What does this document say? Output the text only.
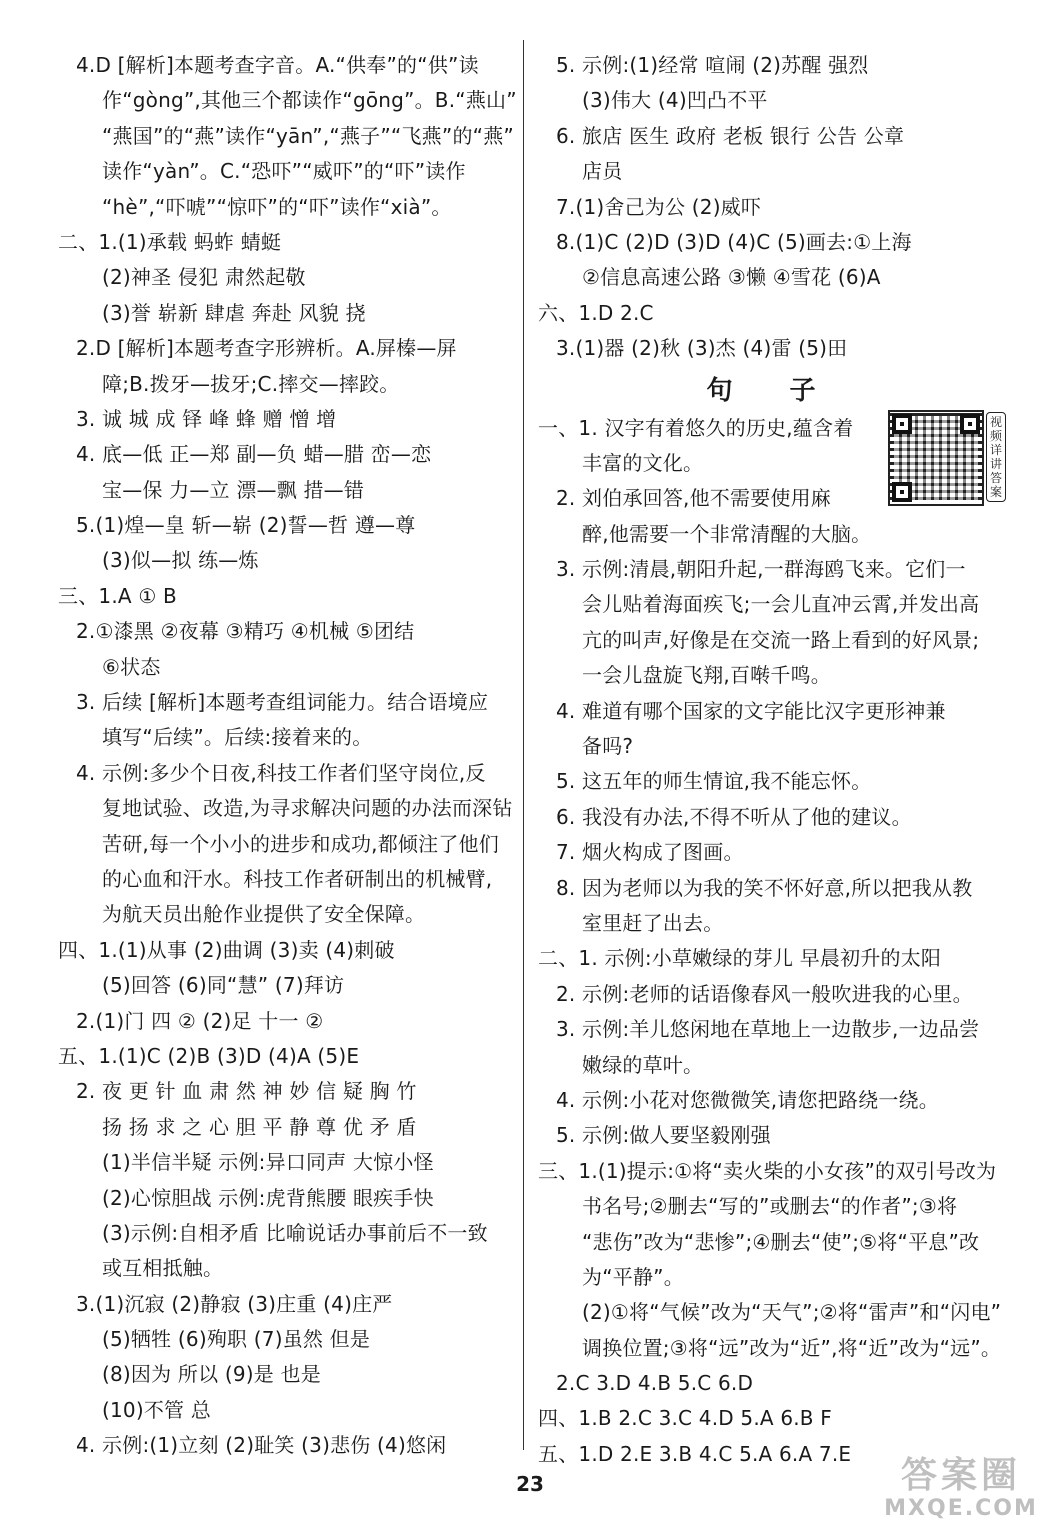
4.D [解析]本题考查字音。A.“供奉”的“供”读
作“gòng”,其他三个都读作“gōng”。B.“燕山”
“燕国”的“燕”读作“yān”,“燕子”“飞燕”的“燕”
读作“yàn”。C.“恐吓”“威吓”的“吓”读作
“hè”,“吓唬”“惊吓”的“吓”读作“xià”。
二、1.(1)承载 蚂蚱 蜻蜓
(2)神圣 侵犯 肃然起敬
(3)誉 崭新 肆虐 奔赴 风貌 挠
2.D [解析]本题考查字形辨析。A.屏榛—屏
障;B.拨牙—拔牙;C.摔交—摔跤。
3. 诚 城 成 铎 峰 蜂 赠 憎 增
4. 底—低 正—郑 副—负 蜡—腊 峦—恋
宝—保 力—立 漂—飘 措—错
5.(1)煌—皇 斩—崭 (2)誓—哲 遵—尊
(3)似—拟 练—炼
三、1.A ① B
2.①漆黑 ②夜幕 ③精巧 ④机械 ⑤团结
⑥状态
3. 后续 [解析]本题考查组词能力。结合语境应
填写“后续”。后续:接着来的。
4. 示例:多少个日夜,科技工作者们坚守岗位,反
复地试验、改造,为寻求解决问题的办法而深钻
苦研,每一个小小的进步和成功,都倾注了他们
的心血和汗水。科技工作者研制出的机械臂,
为航天员出舱作业提供了安全保障。
四、1.(1)从事 (2)曲调 (3)卖 (4)刺破
(5)回答 (6)同“慧” (7)拜访
2.(1)门 四 ② (2)足 十一 ②
五、1.(1)C (2)B (3)D (4)A (5)E
2. 夜 更 针 血 肃 然 神 妙 信 疑 胸 竹
扬 扬 求 之 心 胆 平 静 尊 优 矛 盾
(1)半信半疑 示例:异口同声 大惊小怪
(2)心惊胆战 示例:虎背熊腰 眼疾手快
(3)示例:自相矛盾 比喻说话办事前后不一致
或互相抵触。
3.(1)沉寂 (2)静寂 (3)庄重 (4)庄严
(5)牺牲 (6)殉职 (7)虽然 但是
(8)因为 所以 (9)是 也是
(10)不管 总
4. 示例:(1)立刻 (2)耻笑 (3)悲伤 (4)悠闲
5. 示例:(1)经常 喧闹 (2)苏醒 强烈
(3)伟大 (4)凹凸不平
6. 旅店 医生 政府 老板 银行 公告 公章
店员
7.(1)舍己为公 (2)威吓
8.(1)C (2)D (3)D (4)C (5)画去:①上海
②信息高速公路 ③懒 ④雪花 (6)A
六、1.D 2.C
3.(1)器 (2)秋 (3)杰 (4)雷 (5)田
句 子
一、1. 汉字有着悠久的历史,蕴含着
丰富的文化。
2. 刘伯承回答,他不需要使用麻
醉,他需要一个非常清醒的大脑。
3. 示例:清晨,朝阳升起,一群海鸥飞来。它们一
会儿贴着海面疾飞;一会儿直冲云霄,并发出高
亢的叫声,好像是在交流一路上看到的好风景;
一会儿盘旋飞翔,百啭千鸣。
4. 难道有哪个国家的文字能比汉字更形神兼
备吗?
5. 这五年的师生情谊,我不能忘怀。
6. 我没有办法,不得不听从了他的建议。
7. 烟火构成了图画。
8. 因为老师以为我的笑不怀好意,所以把我从教
室里赶了出去。
二、1. 示例:小草嫩绿的芽儿 早晨初升的太阳
2. 示例:老师的话语像春风一般吹进我的心里。
3. 示例:羊儿悠闲地在草地上一边散步,一边品尝
嫩绿的草叶。
4. 示例:小花对您微微笑,请您把路绕一绕。
5. 示例:做人要坚毅刚强
三、1.(1)提示:①将“卖火柴的小女孩”的双引号改为
书名号;②删去“写的”或删去“的作者”;③将
“悲伤”改为“悲惨”;④删去“使”;⑤将“平息”改
为“平静”。
(2)①将“气候”改为“天气”;②将“雷声”和“闪电”
调换位置;③将“远”改为“近”,将“近”改为“远”。
2.C 3.D 4.B 5.C 6.D
四、1.B 2.C 3.C 4.D 5.A 6.B F
五、1.D 2.E 3.B 4.C 5.A 6.A 7.E
视频详讲答案
23	答案圈
MXQE.COM
